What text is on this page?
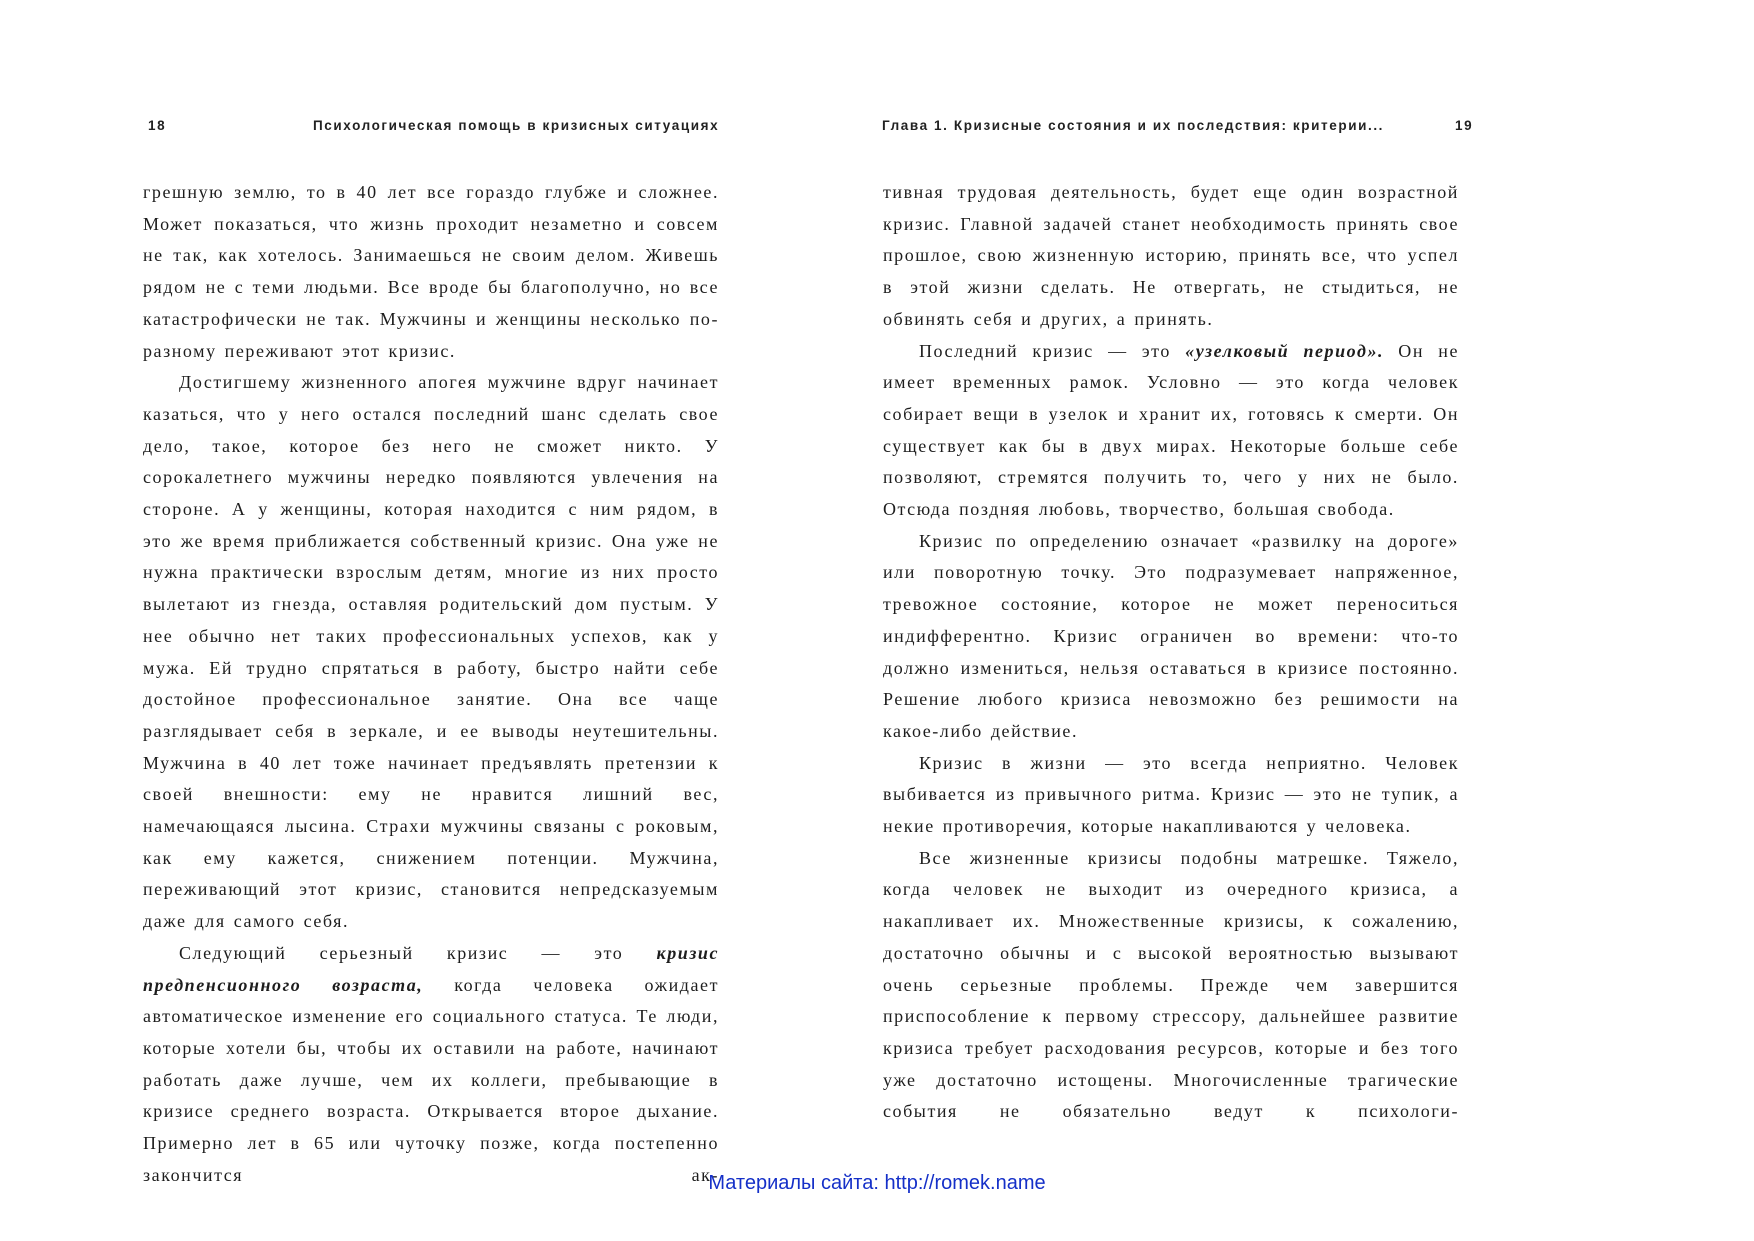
18	Психологическая помощь в кризисных ситуациях

грешную землю, то в 40 лет все гораздо глубже и сложнее. Может показаться, что жизнь проходит незаметно и совсем не так, как хотелось. Занимаешься не своим делом. Живешь рядом не с теми людьми. Все вроде бы благополучно, но все катастрофически не так. Мужчины и женщины несколько по-разному переживают этот кризис.

Достигшему жизненного апогея мужчине вдруг начинает казаться, что у него остался последний шанс сделать свое дело, такое, которое без него не сможет никто. У сорокалетнего мужчины нередко появляются увлечения на стороне. А у женщины, которая находится с ним рядом, в это же время приближается собственный кризис. Она уже не нужна практически взрослым детям, многие из них просто вылетают из гнезда, оставляя родительский дом пустым. У нее обычно нет таких профессиональных успехов, как у мужа. Ей трудно спрятаться в работу, быстро найти себе достойное профессиональное занятие. Она все чаще разглядывает себя в зеркале, и ее выводы неутешительны. Мужчина в 40 лет тоже начинает предъявлять претензии к своей внешности: ему не нравится лишний вес, намечающаяся лысина. Страхи мужчины связаны с роковым, как ему кажется, снижением потенции. Мужчина, переживающий этот кризис, становится непредсказуемым даже для самого себя.

Следующий серьезный кризис — это кризис предпенсионного возраста, когда человека ожидает автоматическое изменение его социального статуса. Те люди, которые хотели бы, чтобы их оставили на работе, начинают работать даже лучше, чем их коллеги, пребывающие в кризисе среднего возраста. Открывается второе дыхание. Примерно лет в 65 или чуточку позже, когда постепенно закончится ак-

Глава 1. Кризисные состояния и их последствия: критерии...	19

тивная трудовая деятельность, будет еще один возрастной кризис. Главной задачей станет необходимость принять свое прошлое, свою жизненную историю, принять все, что успел в этой жизни сделать. Не отвергать, не стыдиться, не обвинять себя и других, а принять.

Последний кризис — это «узелковый период». Он не имеет временных рамок. Условно — это когда человек собирает вещи в узелок и хранит их, готовясь к смерти. Он существует как бы в двух мирах. Некоторые больше себе позволяют, стремятся получить то, чего у них не было. Отсюда поздняя любовь, творчество, большая свобода.

Кризис по определению означает «развилку на дороге» или поворотную точку. Это подразумевает напряженное, тревожное состояние, которое не может переноситься индифферентно. Кризис ограничен во времени: что-то должно измениться, нельзя оставаться в кризисе постоянно. Решение любого кризиса невозможно без решимости на какое-либо действие.

Кризис в жизни — это всегда неприятно. Человек выбивается из привычного ритма. Кризис — это не тупик, а некие противоречия, которые накапливаются у человека.

Все жизненные кризисы подобны матрешке. Тяжело, когда человек не выходит из очередного кризиса, а накапливает их. Множественные кризисы, к сожалению, достаточно обычны и с высокой вероятностью вызывают очень серьезные проблемы. Прежде чем завершится приспособление к первому стрессору, дальнейшее развитие кризиса требует расходования ресурсов, которые и без того уже достаточно истощены. Многочисленные трагические события не обязательно ведут к психологи-

Материалы сайта: http://romek.name
